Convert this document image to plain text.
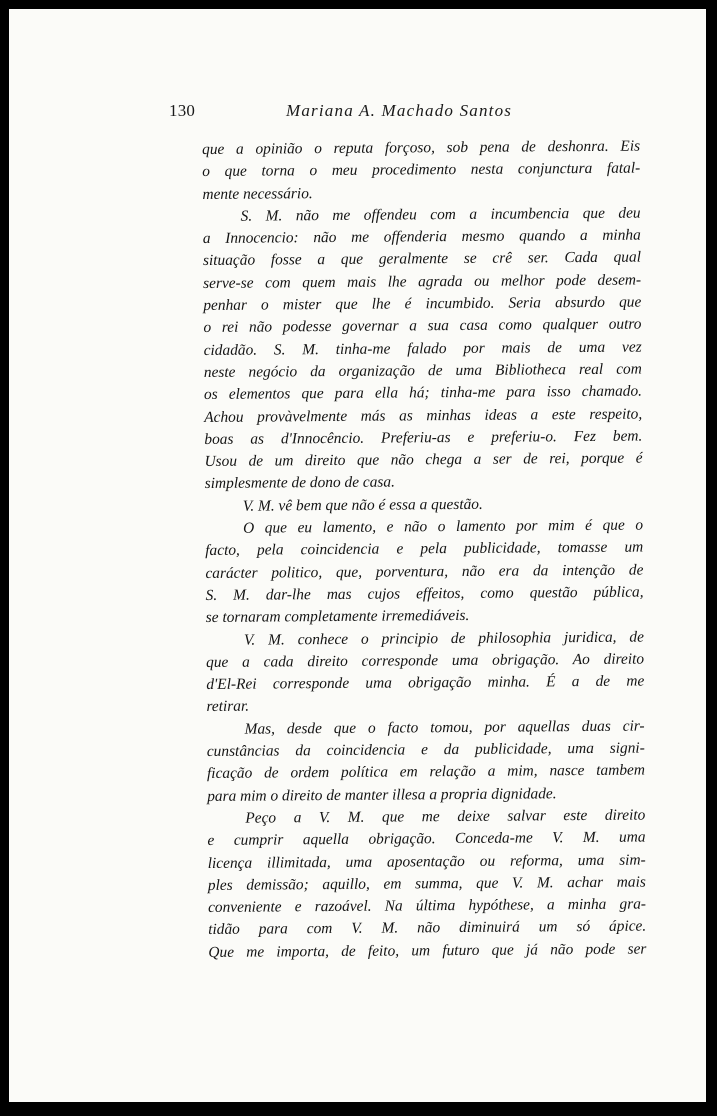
130	Mariana A. Machado Santos
que a opinião o reputa forçoso, sob pena de deshonra. Eis
o que torna o meu procedimento nesta conjunctura fatal-
mente necessário.
S. M. não me offendeu com a incumbencia que deu
a Innocencio: não me offenderia mesmo quando a minha
situação fosse a que geralmente se crê ser. Cada qual
serve-se com quem mais lhe agrada ou melhor pode desem-
penhar o mister que lhe é incumbido. Seria absurdo que
o rei não podesse governar a sua casa como qualquer outro
cidadão. S. M. tinha-me falado por mais de uma vez
neste negócio da organização de uma Bibliotheca real com
os elementos que para ella há; tinha-me para isso chamado.
Achou provàvelmente más as minhas ideas a este respeito,
boas as d'Innocêncio. Preferiu-as e preferiu-o. Fez bem.
Usou de um direito que não chega a ser de rei, porque é
simplesmente de dono de casa.
V. M. vê bem que não é essa a questão.
O que eu lamento, e não o lamento por mim é que o
facto, pela coincidencia e pela publicidade, tomasse um
carácter politico, que, porventura, não era da intenção de
S. M. dar-lhe mas cujos effeitos, como questão pública,
se tornaram completamente irremediáveis.
V. M. conhece o principio de philosophia juridica, de
que a cada direito corresponde uma obrigação. Ao direito
d'El-Rei corresponde uma obrigação minha. É a de me
retirar.
Mas, desde que o facto tomou, por aquellas duas cir-
cunstâncias da coincidencia e da publicidade, uma signi-
ficação de ordem política em relação a mim, nasce tambem
para mim o direito de manter illesa a propria dignidade.
Peço a V. M. que me deixe salvar este direito
e cumprir aquella obrigação. Conceda-me V. M. uma
licença illimitada, uma aposentação ou reforma, uma sim-
ples demissão; aquillo, em summa, que V. M. achar mais
conveniente e razoável. Na última hypóthese, a minha gra-
tidão para com V. M. não diminuirá um só ápice.
Que me importa, de feito, um futuro que já não pode ser
